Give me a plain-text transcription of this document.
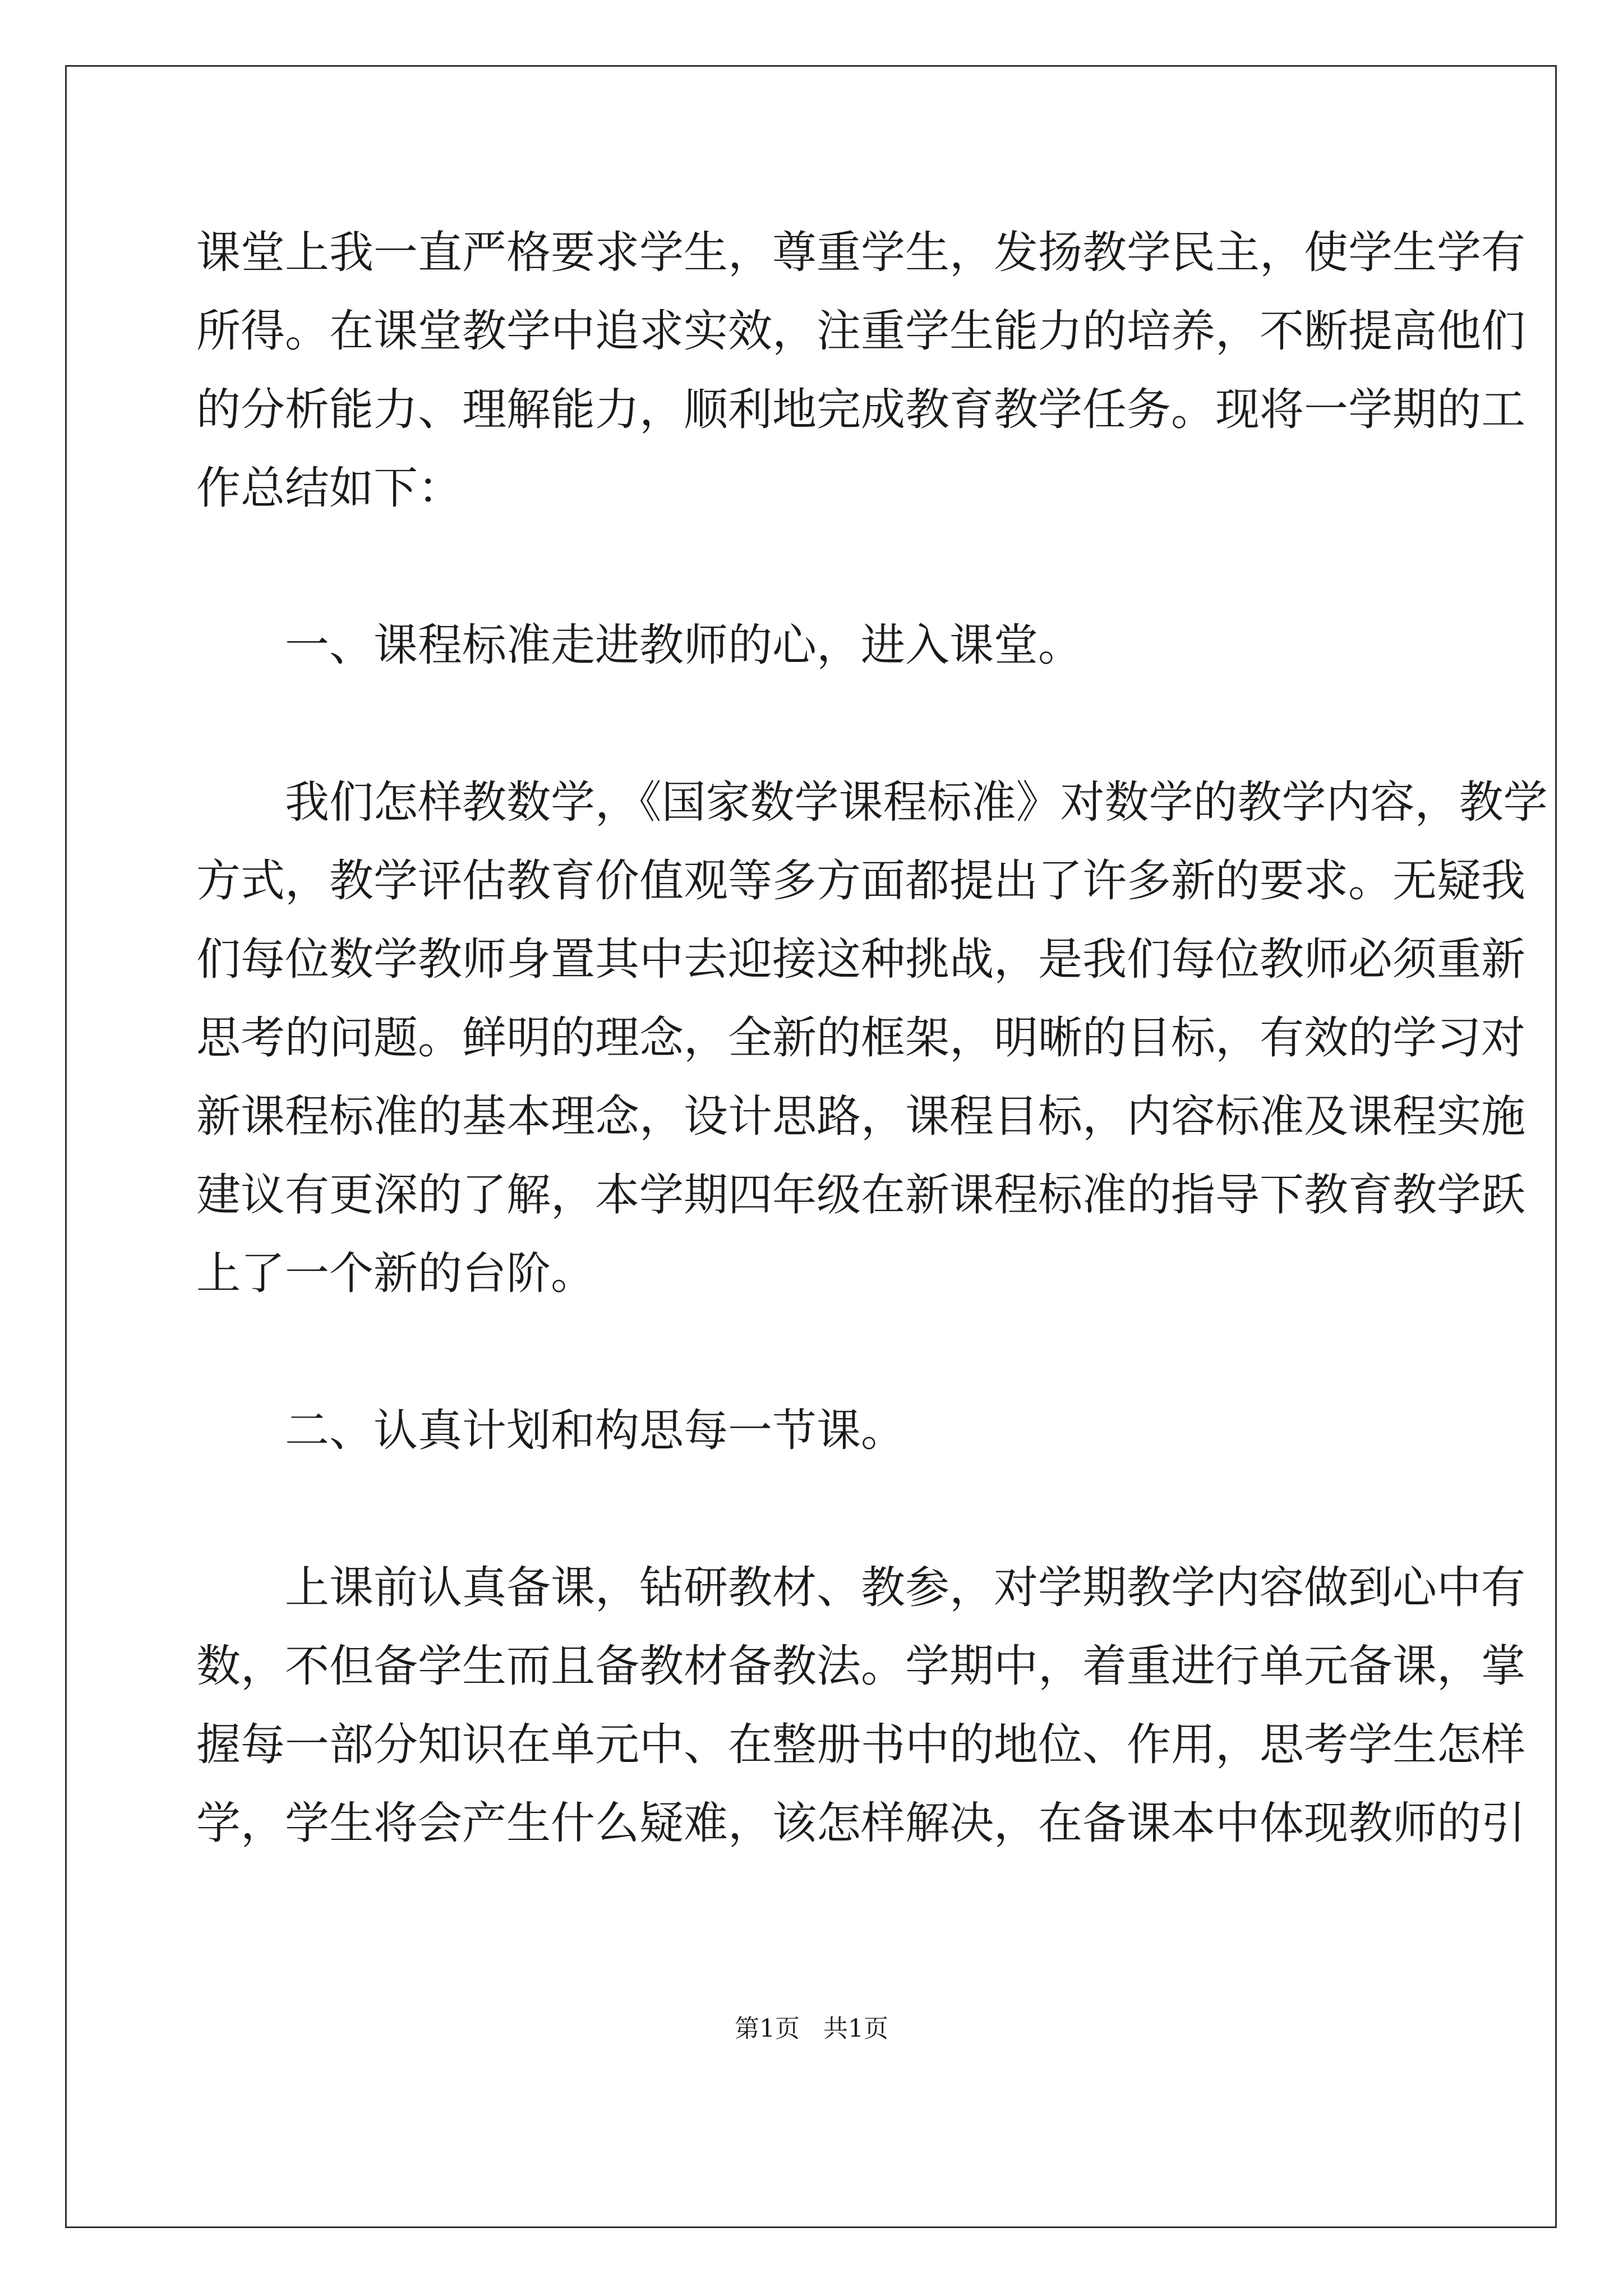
课堂上我一直严格要求学生，尊重学生，发扬教学民主，使学生学有
所得。在课堂教学中追求实效，注重学生能力的培养，不断提高他们
的分析能力、理解能力，顺利地完成教育教学任务。现将一学期的工
作总结如下：
一、课程标准走进教师的心，进入课堂。
我们怎样教数学，《国家数学课程标准》对数学的教学内容，教学
方式，教学评估教育价值观等多方面都提出了许多新的要求。无疑我
们每位数学教师身置其中去迎接这种挑战，是我们每位教师必须重新
思考的问题。鲜明的理念，全新的框架，明晰的目标，有效的学习对
新课程标准的基本理念，设计思路，课程目标，内容标准及课程实施
建议有更深的了解，本学期四年级在新课程标准的指导下教育教学跃
上了一个新的台阶。
二、认真计划和构思每一节课。
上课前认真备课，钻研教材、教参，对学期教学内容做到心中有
数，不但备学生而且备教材备教法。学期中，着重进行单元备课，掌
握每一部分知识在单元中、在整册书中的地位、作用，思考学生怎样
学，学生将会产生什么疑难，该怎样解决，在备课本中体现教师的引
第1页 共1页
